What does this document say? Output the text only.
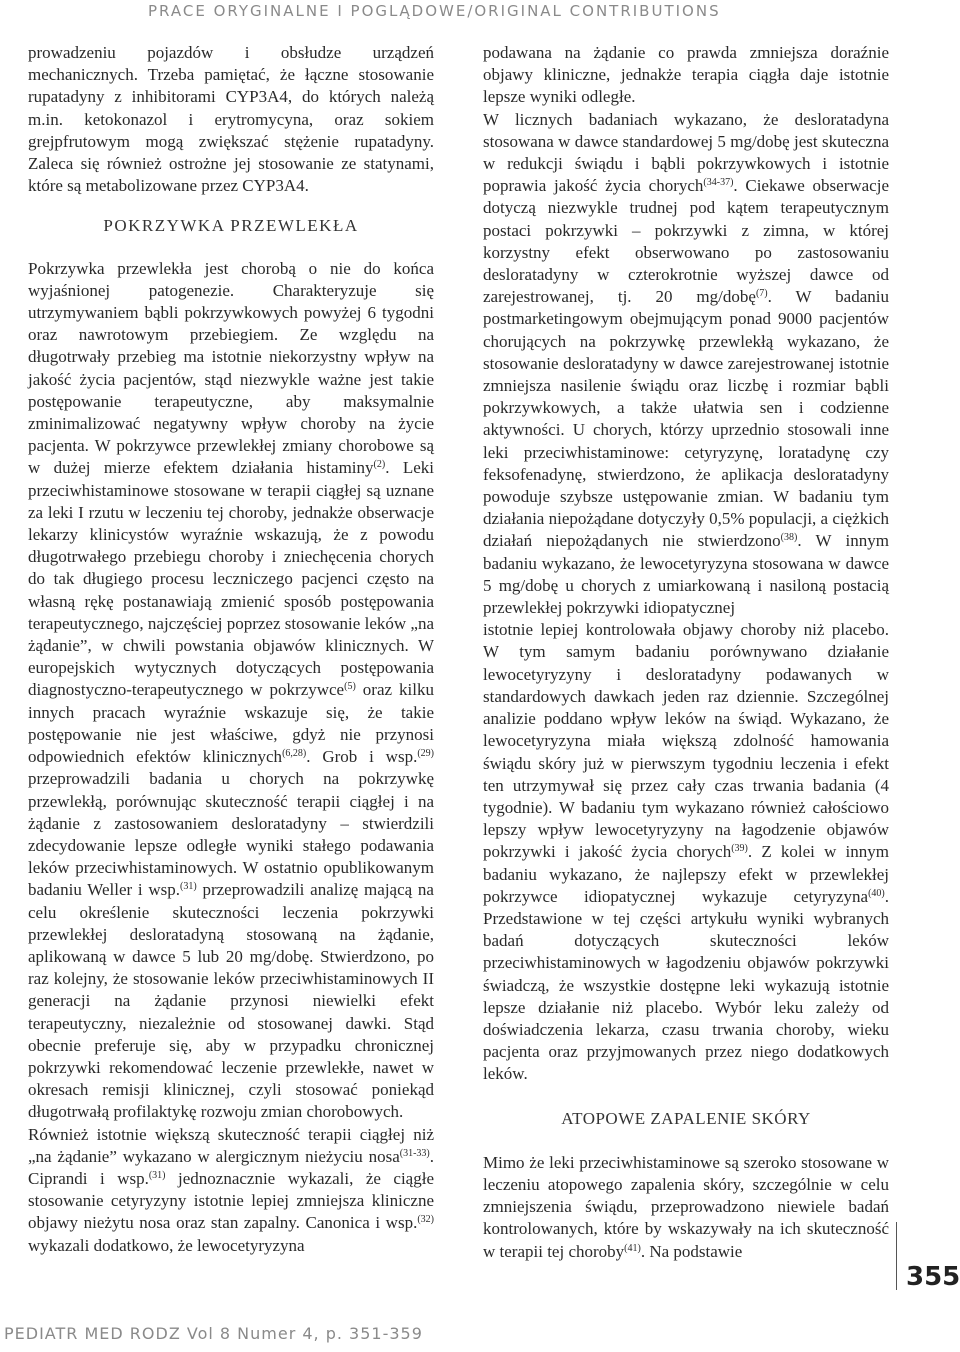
PRACE ORYGINALNE I POGLĄDOWE/ORIGINAL CONTRIBUTIONS

prowadzeniu pojazdów i obsłudze urządzeń mechanicznych. Trzeba pamiętać, że łączne stosowanie rupatadyny z inhibitorami CYP3A4, do których należą m.in. ketokonazol i erytromycyna, oraz sokiem grejpfrutowym mogą zwiększać stężenie rupatadyny. Zaleca się również ostrożne jej stosowanie ze statynami, które są metabolizowane przez CYP3A4.

POKRZYWKA PRZEWLEKŁA

Pokrzywka przewlekła jest chorobą o nie do końca wyjaśnionej patogenezie. Charakteryzuje się utrzymywaniem bąbli pokrzywkowych powyżej 6 tygodni oraz nawrotowym przebiegiem. Ze względu na długotrwały przebieg ma istotnie niekorzystny wpływ na jakość życia pacjentów, stąd niezwykle ważne jest takie postępowanie terapeutyczne, aby maksymalnie zminimalizować negatywny wpływ choroby na życie pacjenta. W pokrzywce przewlekłej zmiany chorobowe są w dużej mierze efektem działania histaminy$^{(2)}$. Leki przeciwhistaminowe stosowane w terapii ciągłej są uznane za leki I rzutu w leczeniu tej choroby, jednakże obserwacje lekarzy klinicystów wyraźnie wskazują, że z powodu długotrwałego przebiegu choroby i zniechęcenia chorych do tak długiego procesu leczniczego pacjenci często na własną rękę postanawiają zmienić sposób postępowania terapeutycznego, najczęściej poprzez stosowanie leków „na żądanie”, w chwili powstania objawów klinicznych. W europejskich wytycznych dotyczących postępowania diagnostyczno-terapeutycznego w pokrzywce$^{(5)}$ oraz kilku innych pracach wyraźnie wskazuje się, że takie postępowanie nie jest właściwe, gdyż nie przynosi odpowiednich efektów klinicznych$^{(6,28)}$. Grob i wsp.$^{(29)}$ przeprowadzili badania u chorych na pokrzywkę przewlekłą, porównując skuteczność terapii ciągłej i na żądanie z zastosowaniem desloratadyny – stwierdzili zdecydowanie lepsze odległe wyniki stałego podawania leków przeciwhistaminowych. W ostatnio opublikowanym badaniu Weller i wsp.$^{(31)}$ przeprowadzili analizę mającą na celu określenie skuteczności leczenia pokrzywki przewlekłej desloratadyną stosowaną na żądanie, aplikowaną w dawce 5 lub 20 mg/dobę. Stwierdzono, po raz kolejny, że stosowanie leków przeciwhistaminowych II generacji na żądanie przynosi niewielki efekt terapeutyczny, niezależnie od stosowanej dawki. Stąd obecnie preferuje się, aby w przypadku chronicznej pokrzywki rekomendować leczenie przewlekłe, nawet w okresach remisji klinicznej, czyli stosować poniekąd długotrwałą profilaktykę rozwoju zmian chorobowych.

Również istotnie większą skuteczność terapii ciągłej niż „na żądanie” wykazano w alergicznym nieżyciu nosa$^{(31-33)}$. Ciprandi i wsp.$^{(31)}$ jednoznacznie wykazali, że ciągłe stosowanie cetyryzyny istotnie lepiej zmniejsza kliniczne objawy nieżytu nosa oraz stan zapalny. Canonica i wsp.$^{(32)}$ wykazali dodatkowo, że lewocetyryzyna

podawana na żądanie co prawda zmniejsza doraźnie objawy kliniczne, jednakże terapia ciągła daje istotnie lepsze wyniki odległe.

W licznych badaniach wykazano, że desloratadyna stosowana w dawce standardowej 5 mg/dobę jest skuteczna w redukcji świądu i bąbli pokrzywkowych i istotnie poprawia jakość życia chorych$^{(34-37)}$. Ciekawe obserwacje dotyczą niezwykle trudnej pod kątem terapeutycznym postaci pokrzywki – pokrzywki z zimna, w której korzystny efekt obserwowano po zastosowaniu desloratadyny w czterokrotnie wyższej dawce od zarejestrowanej, tj. 20 mg/dobę$^{(7)}$. W badaniu postmarketingowym obejmującym ponad 9000 pacjentów chorujących na pokrzywkę przewlekłą wykazano, że stosowanie desloratadyny w dawce zarejestrowanej istotnie zmniejsza nasilenie świądu oraz liczbę i rozmiar bąbli pokrzywkowych, a także ułatwia sen i codzienne aktywności. U chorych, którzy uprzednio stosowali inne leki przeciwhistaminowe: cetyryzynę, loratadynę czy feksofenadynę, stwierdzono, że aplikacja desloratadyny powoduje szybsze ustępowanie zmian. W badaniu tym działania niepożądane dotyczyły 0,5% populacji, a ciężkich działań niepożądanych nie stwierdzono$^{(38)}$. W innym badaniu wykazano, że lewocetyryzyna stosowana w dawce 5 mg/dobę u chorych z umiarkowaną i nasiloną postacią przewlekłej pokrzywki idiopatycznej

istotnie lepiej kontrolowała objawy choroby niż placebo. W tym samym badaniu porównywano działanie lewocetyryzyny i desloratadyny podawanych w standardowych dawkach jeden raz dziennie. Szczególnej analizie poddano wpływ leków na świąd. Wykazano, że lewocetyryzyna miała większą zdolność hamowania świądu skóry już w pierwszym tygodniu leczenia i efekt ten utrzymywał się przez cały czas trwania badania (4 tygodnie). W badaniu tym wykazano również całościowo lepszy wpływ lewocetyryzyny na łagodzenie objawów pokrzywki i jakość życia chorych$^{(39)}$. Z kolei w innym badaniu wykazano, że najlepszy efekt w przewlekłej pokrzywce idiopatycznej wykazuje cetyryzyna$^{(40)}$. Przedstawione w tej części artykułu wyniki wybranych badań dotyczących skuteczności leków przeciwhistaminowych w łagodzeniu objawów pokrzywki świadczą, że wszystkie dostępne leki wykazują istotnie lepsze działanie niż placebo. Wybór leku zależy od doświadczenia lekarza, czasu trwania choroby, wieku pacjenta oraz przyjmowanych przez niego dodatkowych leków.

ATOPOWE ZAPALENIE SKÓRY

Mimo że leki przeciwhistaminowe są szeroko stosowane w leczeniu atopowego zapalenia skóry, szczególnie w celu zmniejszenia świądu, przeprowadzono niewiele badań kontrolowanych, które by wskazywały na ich skuteczność w terapii tej choroby$^{(41)}$. Na podstawie

355
PEDIATR MED RODZ Vol 8 Numer 4, p. 351-359
